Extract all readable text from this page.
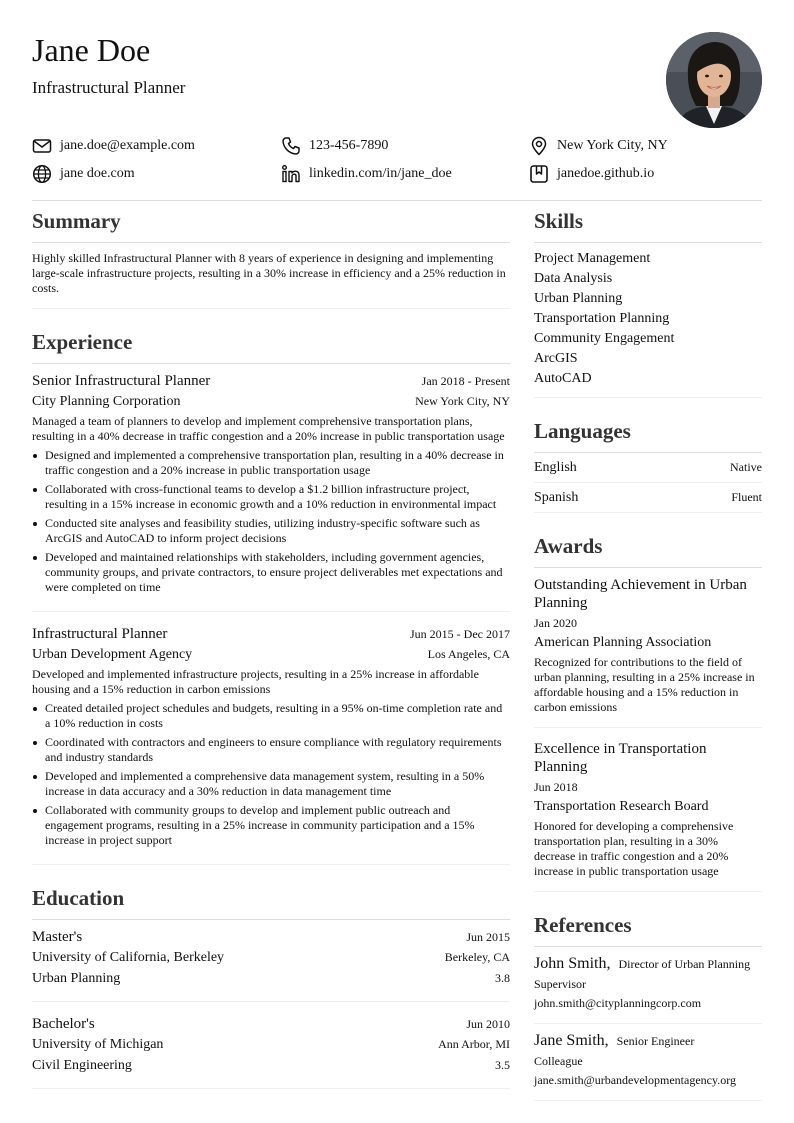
Jane Doe
Infrastructural Planner
jane.doe@example.com	123-456-7890	New York City, NY
jane doe.com	linkedin.com/in/jane_doe	janedoe.github.io
Summary

Highly skilled Infrastructural Planner with 8 years of experience in designing and implementing large-scale infrastructure projects, resulting in a 30% increase in efficiency and a 25% reduction in costs.

Experience
Senior Infrastructural Planner	Jan 2018 - Present
City Planning Corporation	New York City, NY

Managed a team of planners to develop and implement comprehensive transportation plans, resulting in a 40% decrease in traffic congestion and a 20% increase in public transportation usage

Designed and implemented a comprehensive transportation plan, resulting in a 40% decrease in traffic congestion and a 20% increase in public transportation usage
Collaborated with cross-functional teams to develop a $1.2 billion infrastructure project, resulting in a 15% increase in economic growth and a 10% reduction in environmental impact
Conducted site analyses and feasibility studies, utilizing industry-specific software such as ArcGIS and AutoCAD to inform project decisions
Developed and maintained relationships with stakeholders, including government agencies, community groups, and private contractors, to ensure project deliverables met expectations and were completed on time
Infrastructural Planner	Jun 2015 - Dec 2017
Urban Development Agency	Los Angeles, CA

Developed and implemented infrastructure projects, resulting in a 25% increase in affordable housing and a 15% reduction in carbon emissions

Created detailed project schedules and budgets, resulting in a 95% on-time completion rate and a 10% reduction in costs
Coordinated with contractors and engineers to ensure compliance with regulatory requirements and industry standards
Developed and implemented a comprehensive data management system, resulting in a 50% increase in data accuracy and a 30% reduction in data management time
Collaborated with community groups to develop and implement public outreach and engagement programs, resulting in a 25% increase in community participation and a 15% increase in project support
Education
Master's	Jun 2015
University of California, Berkeley	Berkeley, CA
Urban Planning	3.8
Bachelor's	Jun 2010
University of Michigan	Ann Arbor, MI
Civil Engineering	3.5
Skills
Project Management
Data Analysis
Urban Planning
Transportation Planning
Community Engagement
ArcGIS
AutoCAD
Languages
English	Native
Spanish	Fluent
Awards
Outstanding Achievement in Urban Planning
Jan 2020
American Planning Association
Recognized for contributions to the field of urban planning, resulting in a 25% increase in affordable housing and a 15% reduction in carbon emissions
Excellence in Transportation Planning
Jun 2018
Transportation Research Board
Honored for developing a comprehensive transportation plan, resulting in a 30% decrease in traffic congestion and a 20% increase in public transportation usage
References
John Smith, Director of Urban Planning
Supervisor
john.smith@cityplanningcorp.com
Jane Smith, Senior Engineer
Colleague
jane.smith@urbandevelopmentagency.org
